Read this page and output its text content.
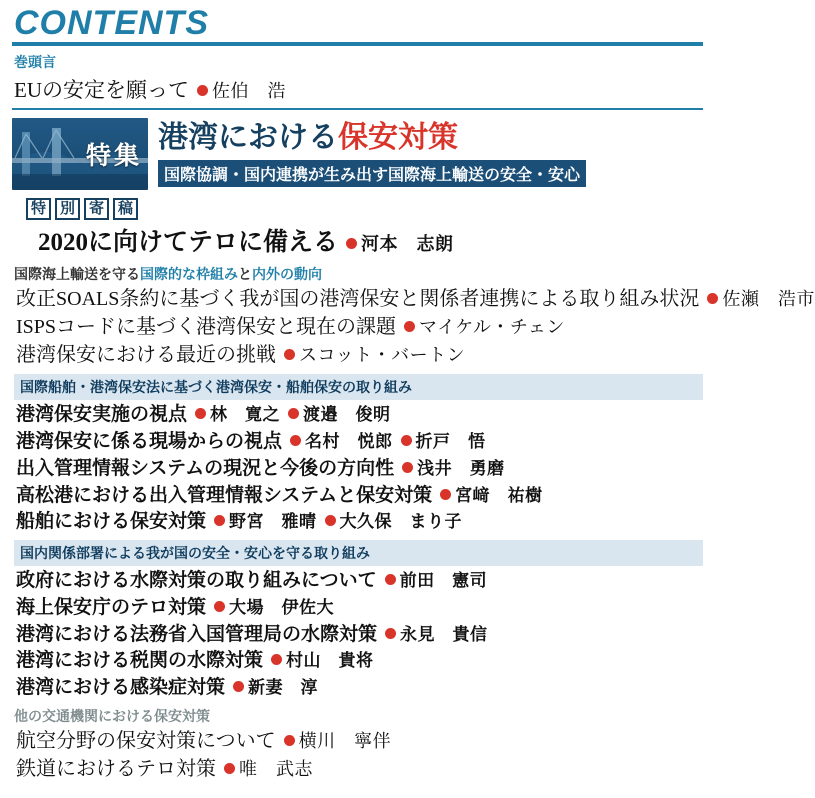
CONTENTS
巻頭言
EUの安定を願って 佐伯　浩
特集
港湾における保安対策
国際協調・国内連携が生み出す国際海上輸送の安全・安心
特 別 寄 稿
2020に向けてテロに備える 河本　志朗
国際海上輸送を守る国際的な枠組みと内外の動向
改正SOALS条約に基づく我が国の港湾保安と関係者連携による取り組み状況 佐瀬　浩市
ISPSコードに基づく港湾保安と現在の課題 マイケル・チェン
港湾保安における最近の挑戦 スコット・バートン
国際船舶・港湾保安法に基づく港湾保安・船舶保安の取り組み
港湾保安実施の視点 林　寛之 渡邉　俊明
港湾保安に係る現場からの視点 名村　悦郎 折戸　悟
出入管理情報システムの現況と今後の方向性 浅井　勇磨
高松港における出入管理情報システムと保安対策 宮﨑　祐樹
船舶における保安対策 野宮　雅晴 大久保　まり子
国内関係部署による我が国の安全・安心を守る取り組み
政府における水際対策の取り組みについて 前田　憲司
海上保安庁のテロ対策 大場　伊佐大
港湾における法務省入国管理局の水際対策 永見　貴信
港湾における税関の水際対策 村山　貴将
港湾における感染症対策 新妻　淳
他の交通機関における保安対策
航空分野の保安対策について 横川　寧伴
鉄道におけるテロ対策 唯　武志
